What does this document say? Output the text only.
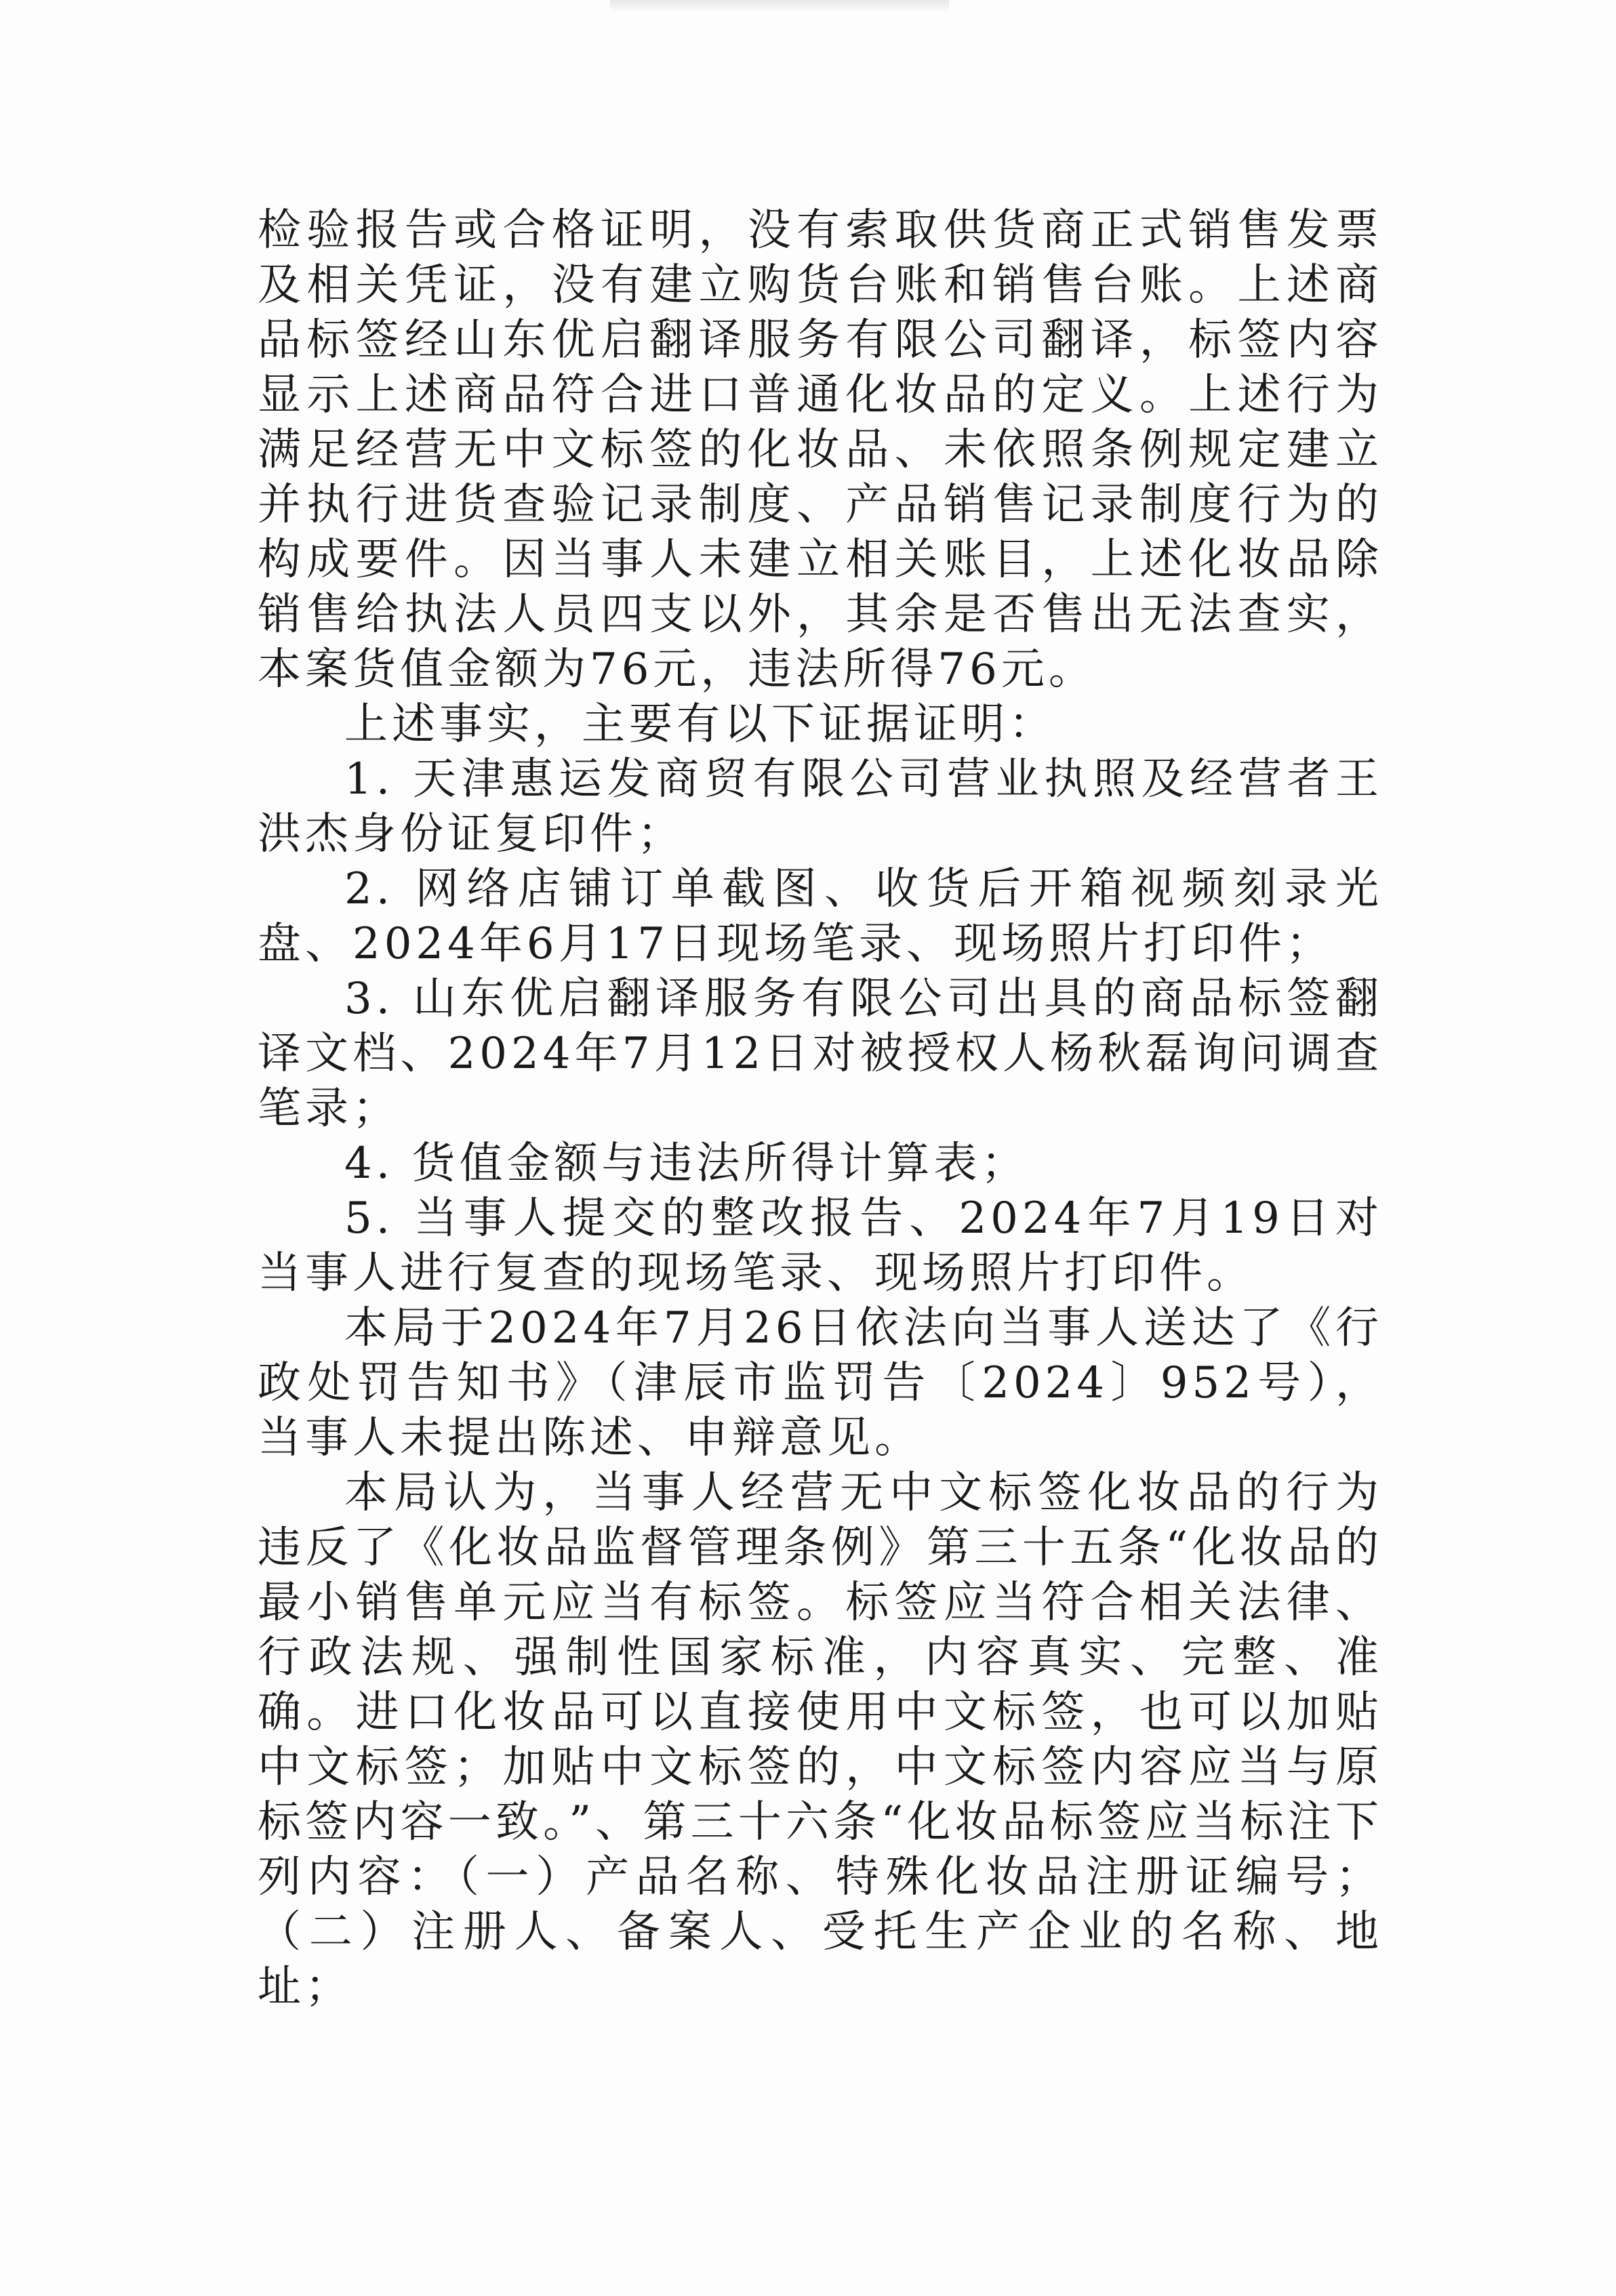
检验报告或合格证明，没有索取供货商正式销售发票及相关凭证，没有建立购货台账和销售台账。上述商品标签经山东优启翻译服务有限公司翻译，标签内容显示上述商品符合进口普通化妆品的定义。上述行为满足经营无中文标签的化妆品、未依照条例规定建立并执行进货查验记录制度、产品销售记录制度行为的构成要件。因当事人未建立相关账目，上述化妆品除销售给执法人员四支以外，其余是否售出无法查实，本案货值金额为76元，违法所得76元。

上述事实，主要有以下证据证明：

1. 天津惠运发商贸有限公司营业执照及经营者王洪杰身份证复印件；

2. 网络店铺订单截图、收货后开箱视频刻录光盘、2024年6月17日现场笔录、现场照片打印件；

3. 山东优启翻译服务有限公司出具的商品标签翻译文档、2024年7月12日对被授权人杨秋磊询问调查笔录；

4. 货值金额与违法所得计算表；

5. 当事人提交的整改报告、2024年7月19日对当事人进行复查的现场笔录、现场照片打印件。

本局于2024年7月26日依法向当事人送达了《行政处罚告知书》（津辰市监罚告〔2024〕952号），当事人未提出陈述、申辩意见。

本局认为，当事人经营无中文标签化妆品的行为违反了《化妆品监督管理条例》第三十五条“化妆品的最小销售单元应当有标签。标签应当符合相关法律、行政法规、强制性国家标准，内容真实、完整、准确。进口化妆品可以直接使用中文标签，也可以加贴中文标签；加贴中文标签的，中文标签内容应当与原标签内容一致。”、第三十六条“化妆品标签应当标注下列内容：（一）产品名称、特殊化妆品注册证编号；（二）注册人、备案人、受托生产企业的名称、地址；
